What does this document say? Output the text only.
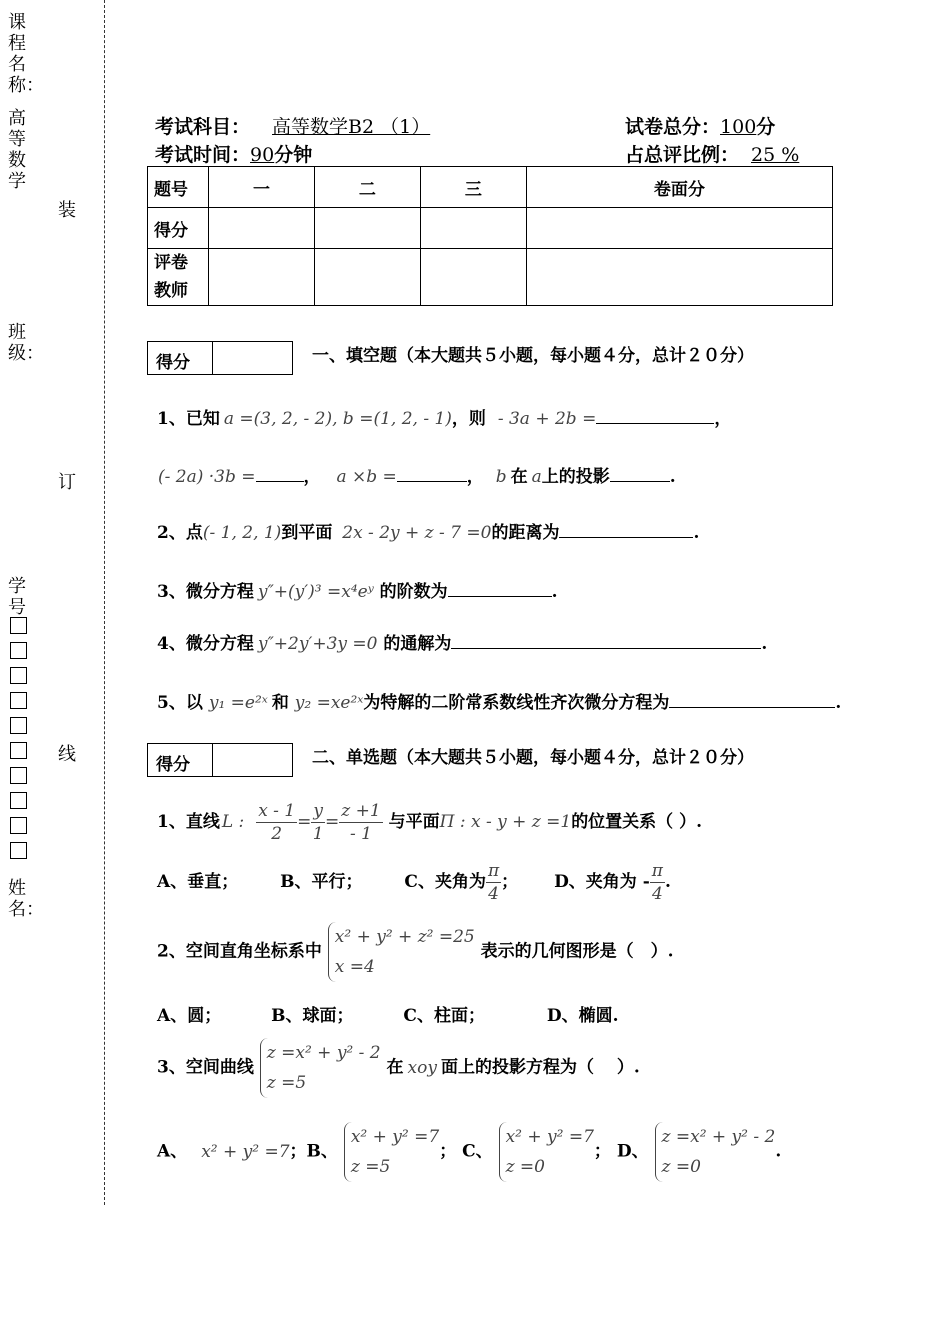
课程名称：
高等数学
装
班级：
订
学号
线
姓名：
考试科目： 高等数学B2 （1）	试卷总分：100分
考试时间：90分钟	占总评比例： 25 %
题号	一	二	三	卷面分
得分				
评卷
教师				
得分	一、填空题（本大题共５小题，每小题４分，总计２０分）
1、已知 a =(3, 2, - 2), b =(1, 2, - 1)，则 - 3a + 2b =	，
(- 2a) ·3b =	， a ×b =	， b 在 a上的投影	.
2、点(- 1, 2, 1)到平面 2x - 2y + z - 7 =0的距离为	.
3、微分方程 y″+(y′)³ =x⁴eʸ 的阶数为	.
4、微分方程 y″+2y′+3y =0 的通解为	.
5、以 y₁ =e²ˣ 和 y₂ =xe²ˣ为特解的二阶常系数线性齐次微分方程为	.
得分	二、单选题（本大题共５小题，每小题４分，总计２０分）
1、直线 L : $\frac{x - 1}{2} = \frac{y}{1} = \frac{z +1}{- 1}$ 与平面Π : x - y + z =1的位置关系（ ）.
A、垂直； B、平行； C、夹角为 $\frac{\pi}{4}$ ； D、夹角为 - $\frac{\pi}{4}$ .
2、空间直角坐标系中
x² + y² + z² =25
x =4
表示的几何图形是（　）.
A、圆；	B、球面；	C、柱面；	D、椭圆.
3、空间曲线
z =x² + y² - 2
z =5
在 xoy 面上的投影方程为（　 ）.
A、 x² + y² =7；B、
x² + y² =7
z =5
； C、
x² + y² =7
z =0
； D、
z =x² + y² - 2
z =0
.
